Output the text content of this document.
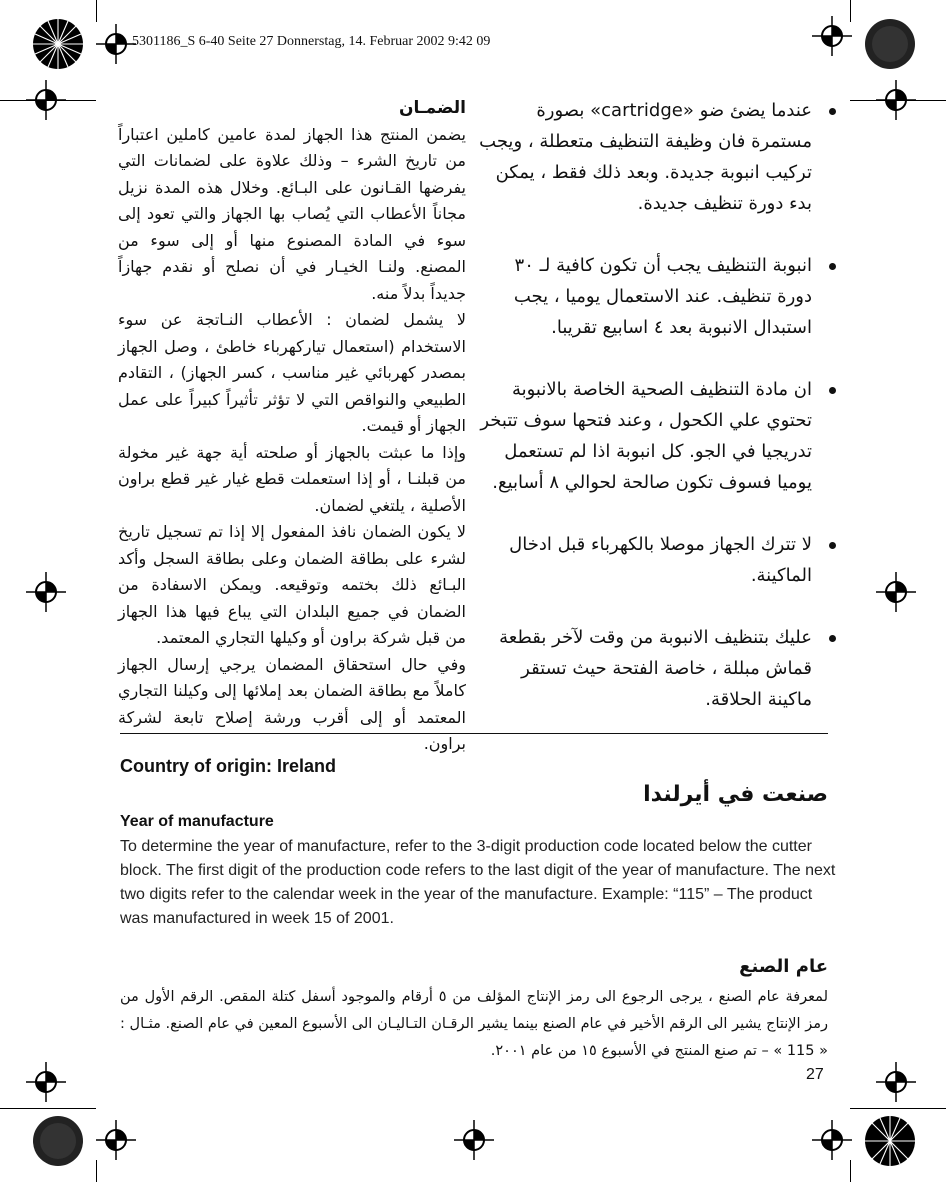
5301186_S 6-40 Seite 27 Donnerstag, 14. Februar 2002 9:42 09
عندما يضئ ضو «cartridge» بصورة مستمرة فان وظيفة التنظيف متعطلة ، ويجب تركيب انبوبة جديدة. وبعد ذلك فقط ، يمكن بدء دورة تنظيف جديدة.
انبوبة التنظيف يجب أن تكون كافية لـ ٣٠ دورة تنظيف. عند الاستعمال يوميا ، يجب استبدال الانبوبة بعد ٤ اسابيع تقريبا.
ان مادة التنظيف الصحية الخاصة بالانبوبة تحتوي علي الكحول ، وعند فتحها سوف تتبخر تدريجيا في الجو. كل انبوبة اذا لم تستعمل يوميا فسوف تكون صالحة لحوالي ٨ أسابيع.
لا تترك الجهاز موصلا بالكهرباء قبل ادخال الماكينة.
عليك بتنظيف الانبوبة من وقت لآخر بقطعة قماش مبللة ، خاصة الفتحة حيث تستقر ماكينة الحلاقة.
الضمـان

يضمن المنتج هذا الجهاز لمدة عامين كاملين اعتباراً من تاريخ الشرء – وذلك علاوة على لضمانات التي يفرضها القـانون على البـائع. وخلال هذه المدة نزيل مجاناً الأعطاب التي يُصاب بها الجهاز والتي تعود إلى سوء في المادة المصنوع منها أو إلى سوء من المصنع. ولنـا الخيـار في أن نصلح أو نقدم جهازاً جديداً بدلاً منه.

لا يشمل لضمان : الأعطاب النـاتجة عن سوء الاستخدام (استعمال تياركهرباء خاطئ ، وصل الجهاز بمصدر كهربائي غير مناسب ، كسر الجهاز) ، التقادم الطبيعي والنواقص التي لا تؤثر تأثيراً كبيراً على عمل الجهاز أو قيمت.

وإذا ما عبثت بالجهاز أو صلحته أية جهة غير مخولة من قبلنـا ، أو إذا استعملت قطع غيار غير قطع براون الأصلية ، يلتغي لضمان.

لا يكون الضمان نافذ المفعول إلا إذا تم تسجيل تاريخ لشرء على بطاقة الضمان وعلى بطاقة السجل وأكد البـائع ذلك بختمه وتوقيعه. ويمكن الاسفادة من الضمان في جميع البلدان التي يباع فيها هذا الجهاز من قبل شركة براون أو وكيلها التجاري المعتمد.

وفي حال استحقاق المضمان يرجي إرسال الجهاز كاملاً مع بطاقة الضمان بعد إملائها إلى وكيلنا التجاري المعتمد أو إلى أقرب ورشة إصلاح تابعة لشركة براون.

Country of origin: Ireland
صنعت في أيرلندا
Year of manufacture
To determine the year of manufacture, refer to the 3-digit production code located below the cutter block. The first digit of the production code refers to the last digit of the year of manufacture. The next two digits refer to the calendar week in the year of the manufacture. Example: “115” – The product was manufactured in week 15 of 2001.
عام الصنع
لمعرفة عام الصنع ، يرجى الرجوع الى رمز الإنتاج المؤلف من ٥ أرقام والموجود أسفل كتلة المقص. الرقم الأول من رمز الإنتاج يشير الى الرقم الأخير في عام الصنع بينما يشير الرقـان التـاليـان الى الأسبوع المعين في عام الصنع. مثـال : « 115 » – تم صنع المنتج في الأسبوع ١٥ من عام ٢٠٠١.
27
